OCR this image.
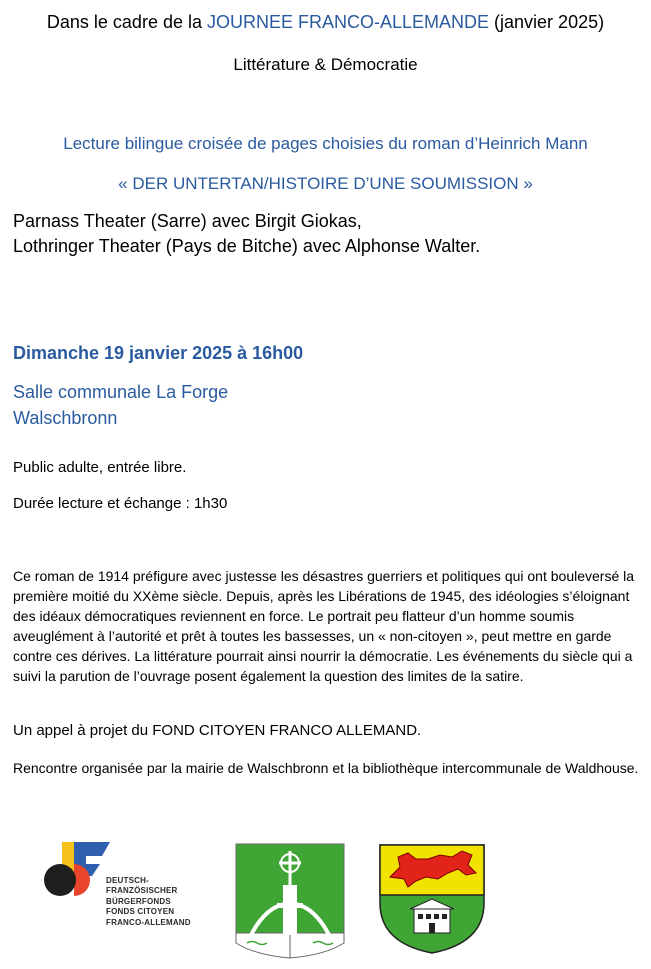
Dans le cadre de la JOURNEE FRANCO-ALLEMANDE (janvier 2025)
Littérature & Démocratie
Lecture bilingue croisée de pages choisies du roman d’Heinrich Mann
« DER UNTERTAN/HISTOIRE D’UNE SOUMISSION »
Parnass Theater (Sarre) avec Birgit Giokas,
Lothringer Theater (Pays de Bitche) avec Alphonse Walter.
Dimanche 19 janvier 2025 à 16h00
Salle communale La Forge
Walschbronn
Public adulte, entrée libre.
Durée lecture et échange : 1h30
Ce roman de 1914 préfigure avec justesse les désastres guerriers et politiques qui ont bouleversé la première moitié du XXème siècle. Depuis, après les Libérations de 1945, des idéologies s’éloignant des idéaux démocratiques reviennent en force. Le portrait peu flatteur d’un homme soumis aveuglément à l’autorité et prêt à toutes les bassesses, un « non-citoyen », peut mettre en garde contre ces dérives. La littérature pourrait ainsi nourrir la démocratie. Les événements du siècle qui a suivi la parution de l’ouvrage posent également la question des limites de la satire.
Un appel à projet du FOND CITOYEN FRANCO ALLEMAND.
Rencontre organisée par la mairie de Walschbronn et la bibliothèque intercommunale de Waldhouse.
DEUTSCH-
FRANZÖSISCHER
BÜRGERFONDS
FONDS CITOYEN
FRANCO-ALLEMAND
